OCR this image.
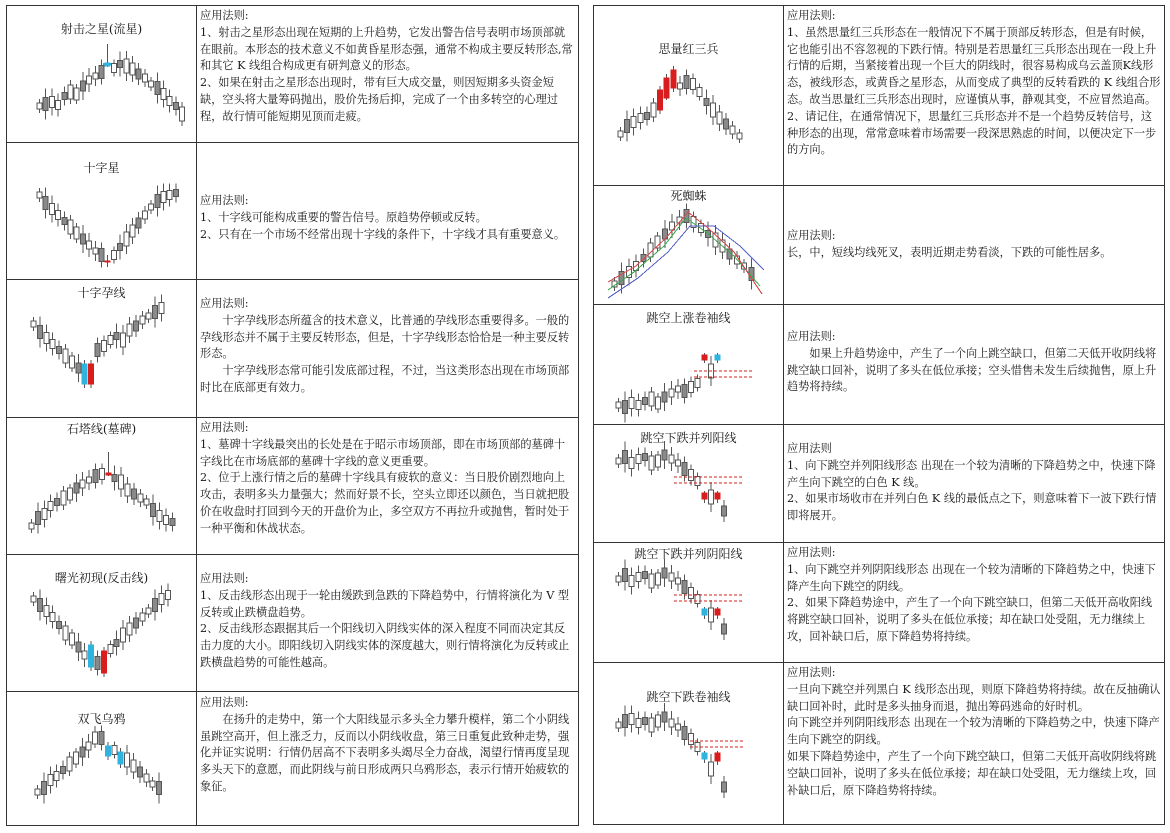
射击之星(流星)	应用法则:
1、射击之星形态出现在短期的上升趋势，它发出警告信号表明市场顶部就在眼前。本形态的技术意义不如黄昏星形态强，通常不构成主要反转形态,常和其它 K 线组合构成更有研判意义的形态。
2、如果在射击之星形态出现时，带有巨大成交量，则因短期多头资金短缺，空头将大量筹码抛出，股价先扬后抑，完成了一个由多转空的心理过程，故行情可能短期见顶而走疲。

十字星	应用法则:
1、十字线可能构成重要的警告信号。原趋势停顿或反转。
2、只有在一个市场不经常出现十字线的条件下，十字线才具有重要意义。

十字孕线	应用法则:
十字孕线形态所蕴含的技术意义，比普通的孕线形态重要得多。一般的孕线形态并不属于主要反转形态，但是，十字孕线形态恰恰是一种主要反转形态。
十字孕线形态常可能引发底部过程，不过，当这类形态出现在市场顶部时比在底部更有效力。

石塔线(墓碑)	应用法则:
1、墓碑十字线最突出的长处是在于昭示市场顶部，即在市场顶部的墓碑十字线比在市场底部的墓碑十字线的意义更重要。
2、位于上涨行情之后的墓碑十字线具有疲软的意义：当日股价剧烈地向上攻击，表明多头力量强大；然而好景不长，空头立即还以颜色，当日就把股价在收盘时打回到今天的开盘价为止，多空双方不再拉升或抛售，暂时处于一种平衡和休战状态。

曙光初现(反击线)	应用法则:
1、反击线形态出现于一轮由缓跌到急跌的下降趋势中，行情将演化为 V 型反转或止跌横盘趋势。
2、反击线形态跟据其后一个阳线切入阴线实体的深入程度不同而决定其反击力度的大小。即阳线切入阴线实体的深度越大，则行情将演化为反转或止跌横盘趋势的可能性越高。

双飞乌鸦	应用法则:
在扬升的走势中，第一个大阳线显示多头全力攀升模样，第二个小阴线虽跳空高开，但上涨乏力，反而以小阴线收盘，第三日重复此致种走势，强化并证实说明：行情仍居高不下表明多头竭尽全力奋战，渴望行情再度呈现多头天下的意愿，而此阴线与前日形成两只乌鸦形态，表示行情开始疲软的象征。
思量红三兵	应用法则:
1、虽然思量红三兵形态在一般情况下不属于顶部反转形态，但是有时候，它也能引出不容忽视的下跌行情。特别是若思量红三兵形态出现在一段上升行情的后期，当紧接着出现一个巨大的阴线时，很容易构成乌云盖顶K线形态，被线形态，或黄昏之星形态，从而变成了典型的反转看跌的 K 线组合形态。故当思量红三兵形态出现时，应谨慎从事，静观其变，不应冒然追高。
2、请记住，在通常情况下，思量红三兵形态并不是一个趋势反转信号，这种形态的出现，常常意味着市场需要一段深思熟虑的时间，以便决定下一步的方向。

死蜘蛛	应用法则:
长，中，短线均线死叉，表明近期走势看淡，下跌的可能性居多。

跳空上涨卷袖线	应用法则:
如果上升趋势途中，产生了一个向上跳空缺口，但第二天低开收阴线将跳空缺口回补，说明了多头在低位承接；空头惜售未发生后续抛售，原上升趋势将持续。

跳空下跌并列阳线	应用法则
1、向下跳空并列阳线形态 出现在一个较为清晰的下降趋势之中，快速下降产生向下跳空的白色 K 线。
2、如果市场收市在并列白色 K 线的最低点之下，则意味着下一波下跌行情即将展开。

跳空下跌并列阴阳线	应用法则:
1、向下跳空并列阴阳线形态 出现在一个较为清晰的下降趋势之中，快速下降产生向下跳空的阴线。
2、如果下降趋势途中，产生了一个向下跳空缺口，但第二天低开高收阳线将跳空缺口回补，说明了多头在低位承接；却在缺口处受阻，无力继续上攻，回补缺口后，原下降趋势将持续。

跳空下跌卷袖线	应用法则:
一旦向下跳空并列黑白 K 线形态出现，则原下降趋势将持续。故在反抽确认缺口回补时，此时是多头抽身而退，抛出筹码逃命的好时机。
向下跳空并列阴阳线形态 出现在一个较为清晰的下降趋势之中，快速下降产生向下跳空的阴线。
如果下降趋势途中，产生了一个向下跳空缺口，但第二天低开高收阴线将跳空缺口回补，说明了多头在低位承接；却在缺口处受阻，无力继续上攻，回补缺口后，原下降趋势将持续。
